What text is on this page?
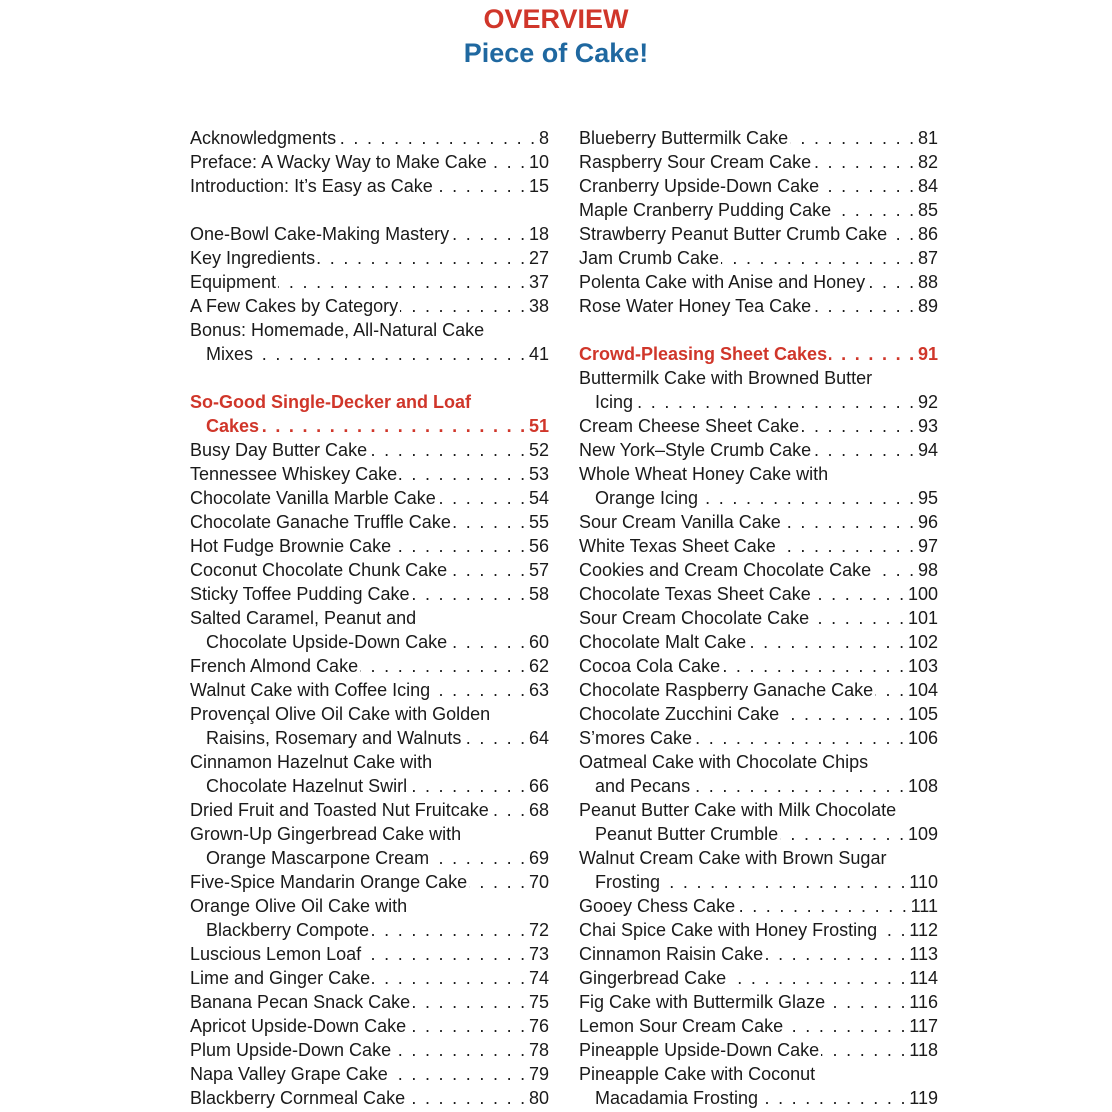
OVERVIEW
Piece of Cake!
Acknowledgments . . .	8
Preface: A Wacky Way to Make Cake . . . 10
Introduction: It’s Easy as Cake . . .	15
One-Bowl Cake-Making Mastery . . .	18
Key Ingredients . . .	27
Equipment . . .	37
A Few Cakes by Category . . .	38
Bonus: Homemade, All-Natural Cake
Mixes . . .	41
So-Good Single-Decker and Loaf
Cakes . . .	51
Busy Day Butter Cake . . .	52
Tennessee Whiskey Cake . . .	53
Chocolate Vanilla Marble Cake . . .	54
Chocolate Ganache Truffle Cake . . .	55
Hot Fudge Brownie Cake . . .	56
Coconut Chocolate Chunk Cake . . .	57
Sticky Toffee Pudding Cake . . .	58
Salted Caramel, Peanut and
Chocolate Upside-Down Cake . . .	60
French Almond Cake . . .	62
Walnut Cake with Coffee Icing . . .	63
Provençal Olive Oil Cake with Golden
Raisins, Rosemary and Walnuts . . .	64
Cinnamon Hazelnut Cake with
Chocolate Hazelnut Swirl . . .	66
Dried Fruit and Toasted Nut Fruitcake . . . 68
Grown-Up Gingerbread Cake with
Orange Mascarpone Cream . . .	69
Five-Spice Mandarin Orange Cake . . .	70
Orange Olive Oil Cake with
Blackberry Compote . . .	72
Luscious Lemon Loaf . . .	73
Lime and Ginger Cake . . .	74
Banana Pecan Snack Cake . . .	75
Apricot Upside-Down Cake . . .	76
Plum Upside-Down Cake . . .	78
Napa Valley Grape Cake . . .	79
Blackberry Cornmeal Cake . . .	80
Blueberry Buttermilk Cake . . .	81
Raspberry Sour Cream Cake . . .	82
Cranberry Upside-Down Cake . . .	84
Maple Cranberry Pudding Cake . . .	85
Strawberry Peanut Butter Crumb Cake . . . 86
Jam Crumb Cake . . .	87
Polenta Cake with Anise and Honey . . .	88
Rose Water Honey Tea Cake . . .	89
Crowd-Pleasing Sheet Cakes . . .	91
Buttermilk Cake with Browned Butter
Icing . . .	92
Cream Cheese Sheet Cake . . .	93
New York–Style Crumb Cake . . .	94
Whole Wheat Honey Cake with
Orange Icing . . .	95
Sour Cream Vanilla Cake . . .	96
White Texas Sheet Cake . . .	97
Cookies and Cream Chocolate Cake . . .	98
Chocolate Texas Sheet Cake . . .	100
Sour Cream Chocolate Cake . . .	101
Chocolate Malt Cake . . .	102
Cocoa Cola Cake . . .	103
Chocolate Raspberry Ganache Cake . . . 104
Chocolate Zucchini Cake . . .	105
S’mores Cake . . .	106
Oatmeal Cake with Chocolate Chips
and Pecans . . .	108
Peanut Butter Cake with Milk Chocolate
Peanut Butter Crumble . . .	109
Walnut Cream Cake with Brown Sugar
Frosting . . .	110
Gooey Chess Cake . . .	111
Chai Spice Cake with Honey Frosting . . . 112
Cinnamon Raisin Cake . . .	113
Gingerbread Cake . . .	114
Fig Cake with Buttermilk Glaze . . .	116
Lemon Sour Cream Cake . . .	117
Pineapple Upside-Down Cake . . .	118
Pineapple Cake with Coconut
Macadamia Frosting . . .	119
